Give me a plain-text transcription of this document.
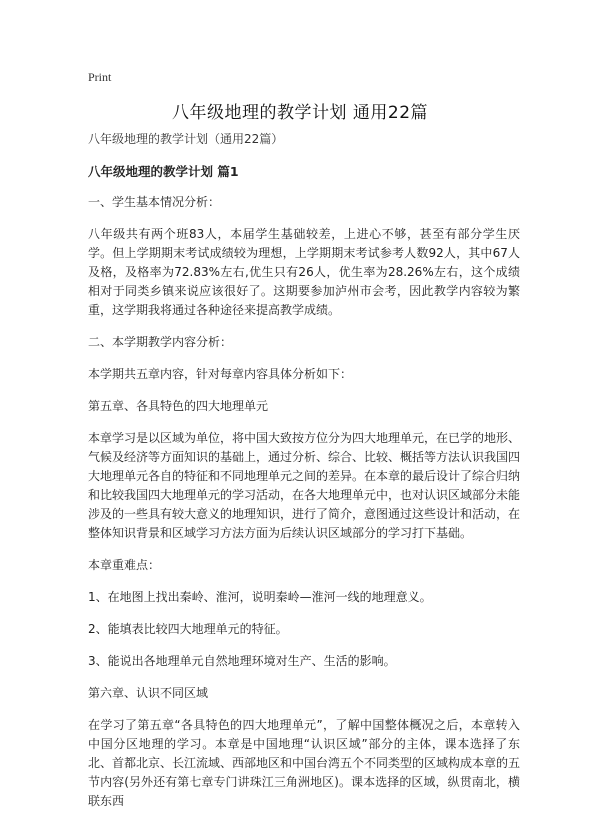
Print
八年级地理的教学计划 通用22篇

八年级地理的教学计划（通用22篇）

八年级地理的教学计划 篇1

一、学生基本情况分析：

八年级共有两个班83人，本届学生基础较差，上进心不够，甚至有部分学生厌学。但上学期期末考试成绩较为理想，上学期期末考试参考人数92人，其中67人及格，及格率为72.83%左右,优生只有26人，优生率为28.26%左右，这个成绩相对于同类乡镇来说应该很好了。这期要参加泸州市会考，因此教学内容较为繁重，这学期我将通过各种途径来提高教学成绩。

二、本学期教学内容分析：

本学期共五章内容，针对每章内容具体分析如下：

第五章、各具特色的四大地理单元

本章学习是以区域为单位，将中国大致按方位分为四大地理单元，在已学的地形、气候及经济等方面知识的基础上，通过分析、综合、比较、概括等方法认识我国四大地理单元各自的特征和不同地理单元之间的差异。在本章的最后设计了综合归纳和比较我国四大地理单元的学习活动，在各大地理单元中，也对认识区域部分未能涉及的一些具有较大意义的地理知识，进行了简介，意图通过这些设计和活动，在整体知识背景和区域学习方法方面为后续认识区域部分的学习打下基础。

本章重难点：

1、在地图上找出秦岭、淮河，说明秦岭—淮河一线的地理意义。

2、能填表比较四大地理单元的特征。

3、能说出各地理单元自然地理环境对生产、生活的影响。

第六章、认识不同区域

在学习了第五章“各具特色的四大地理单元”，了解中国整体概况之后，本章转入中国分区地理的学习。本章是中国地理“认识区域”部分的主体，课本选择了东北、首都北京、长江流域、西部地区和中国台湾五个不同类型的区域构成本章的五节内容(另外还有第七章专门讲珠江三角洲地区)。课本选择的区域，纵贯南北，横联东西
